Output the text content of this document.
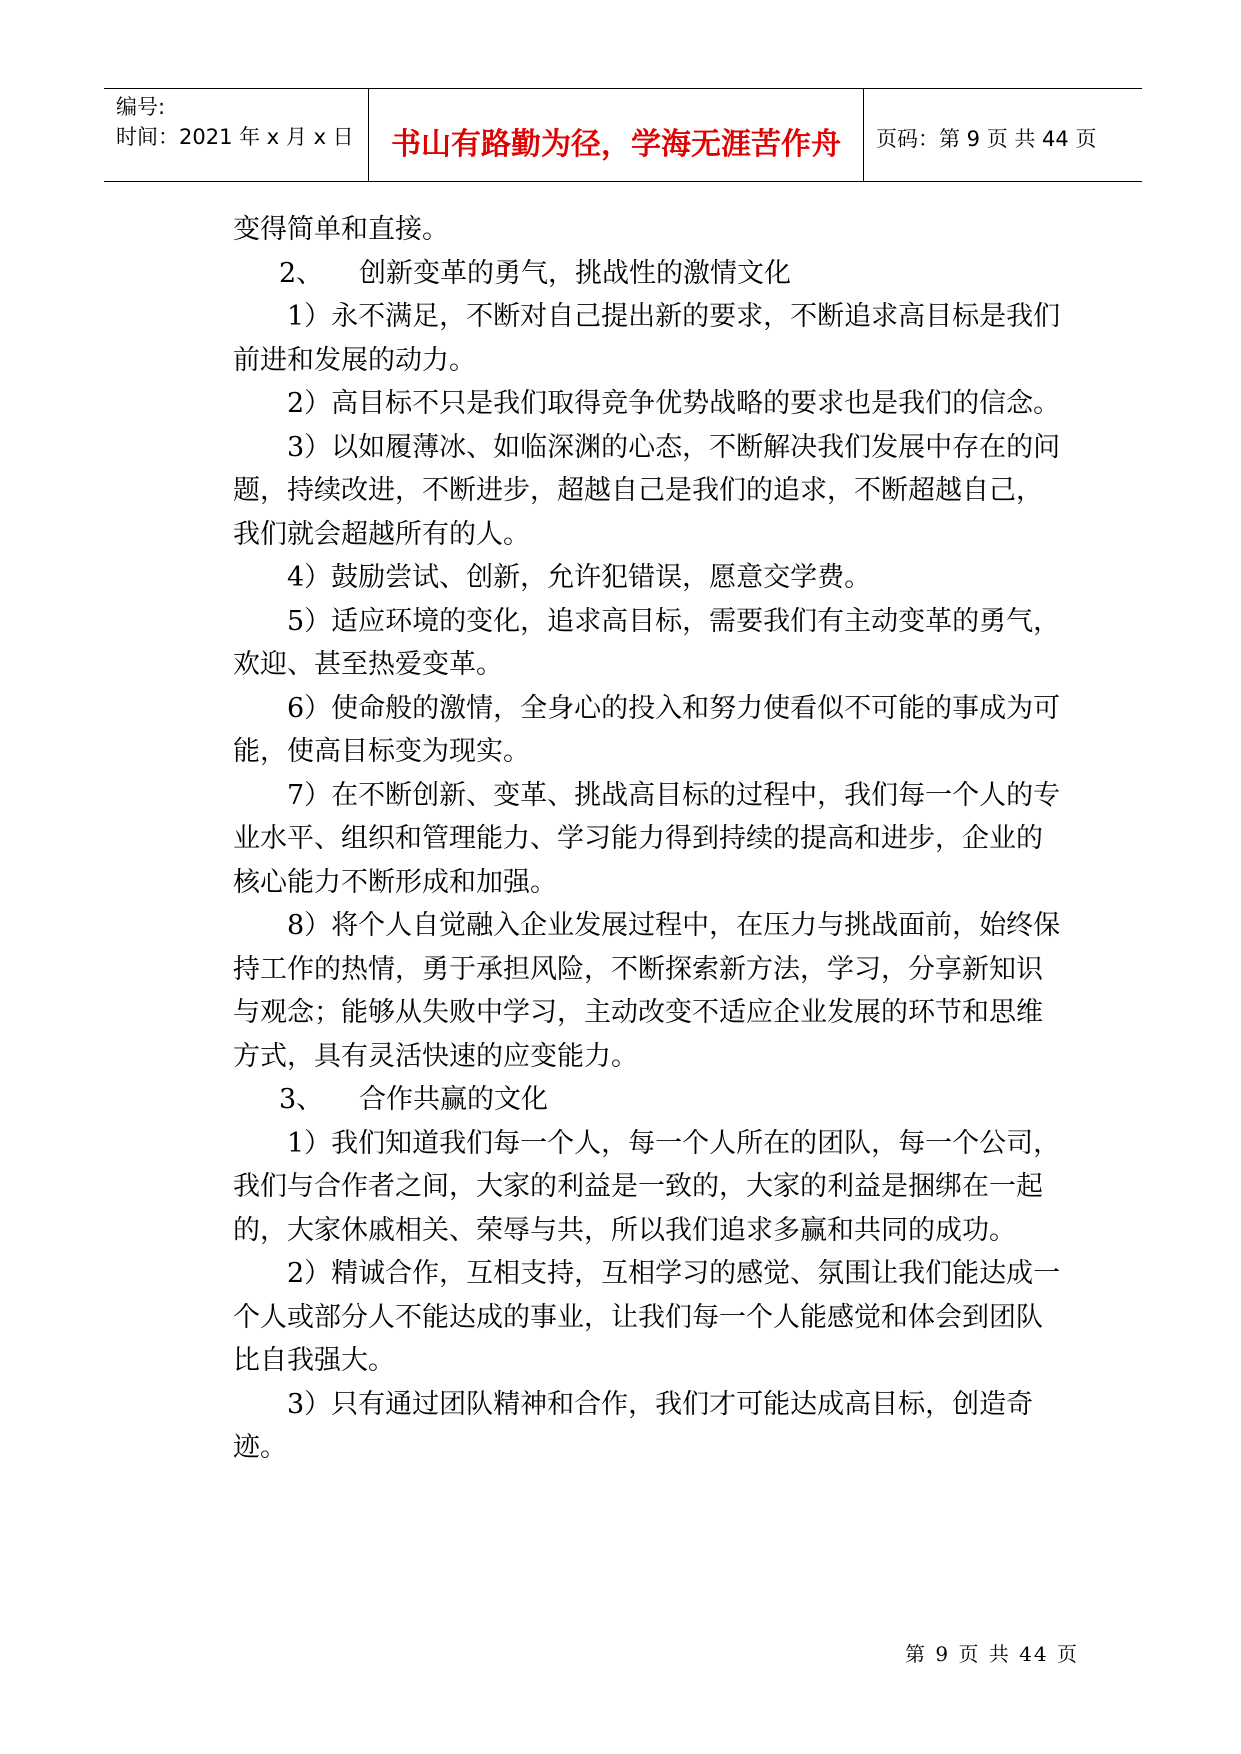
编号:
时间：2021 年 x 月 x 日	书山有路勤为径，学海无涯苦作舟	页码：第 9 页 共 44 页

变得简单和直接。

2、 创新变革的勇气，挑战性的激情文化

1）永不满足，不断对自己提出新的要求，不断追求高目标是我们前进和发展的动力。

2）高目标不只是我们取得竞争优势战略的要求也是我们的信念。

3）以如履薄冰、如临深渊的心态，不断解决我们发展中存在的问题，持续改进，不断进步，超越自己是我们的追求，不断超越自己，我们就会超越所有的人。

4）鼓励尝试、创新，允许犯错误，愿意交学费。

5）适应环境的变化，追求高目标，需要我们有主动变革的勇气，欢迎、甚至热爱变革。

6）使命般的激情，全身心的投入和努力使看似不可能的事成为可能，使高目标变为现实。

7）在不断创新、变革、挑战高目标的过程中，我们每一个人的专业水平、组织和管理能力、学习能力得到持续的提高和进步，企业的核心能力不断形成和加强。

8）将个人自觉融入企业发展过程中，在压力与挑战面前，始终保持工作的热情，勇于承担风险，不断探索新方法，学习，分享新知识与观念；能够从失败中学习，主动改变不适应企业发展的环节和思维方式，具有灵活快速的应变能力。

3、 合作共赢的文化

1）我们知道我们每一个人，每一个人所在的团队，每一个公司，我们与合作者之间，大家的利益是一致的，大家的利益是捆绑在一起的，大家休戚相关、荣辱与共，所以我们追求多赢和共同的成功。

2）精诚合作，互相支持，互相学习的感觉、氛围让我们能达成一个人或部分人不能达成的事业，让我们每一个人能感觉和体会到团队比自我强大。

3）只有通过团队精神和合作，我们才可能达成高目标，创造奇迹。

第 9 页 共 44 页
